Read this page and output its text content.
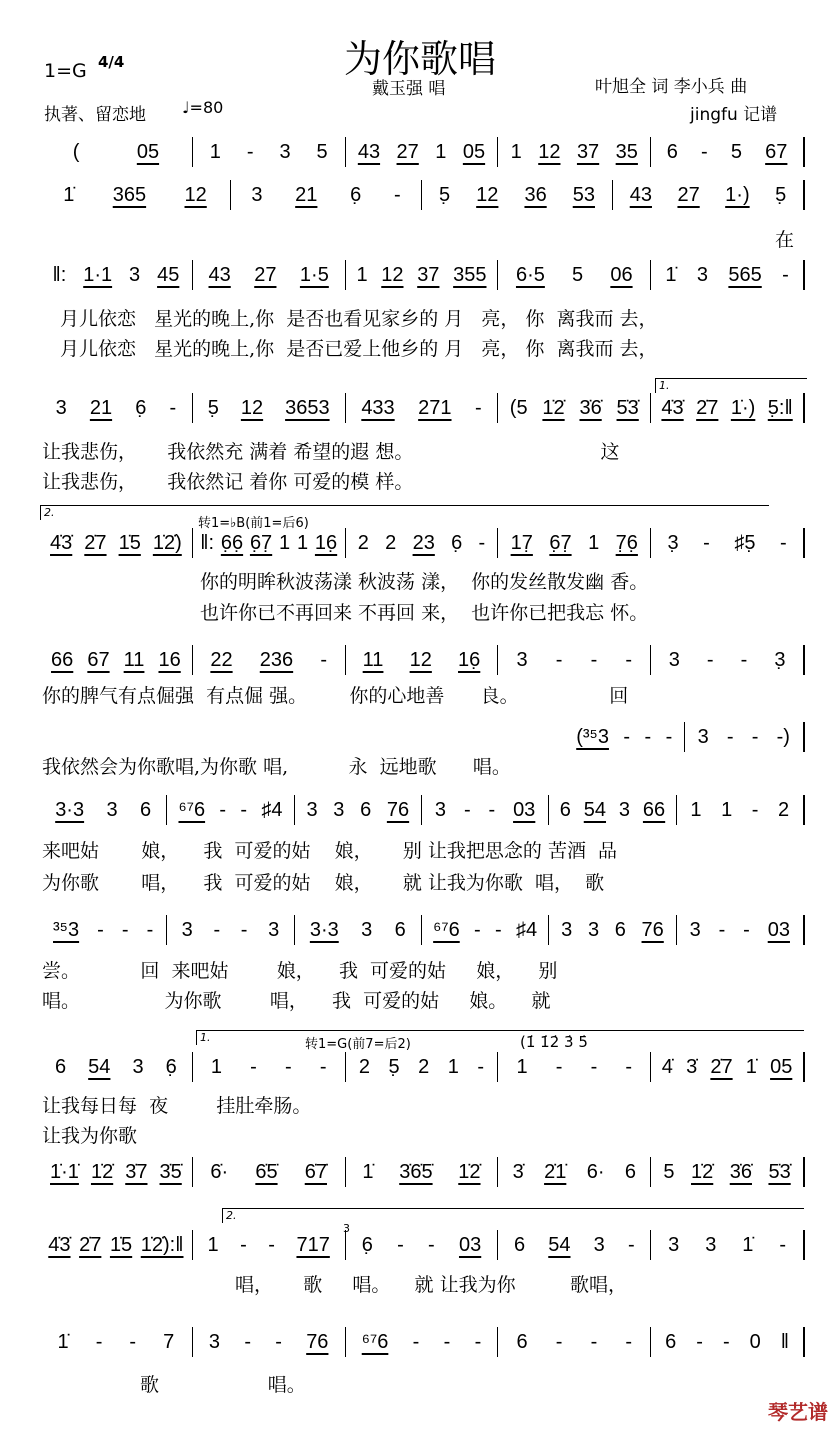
为你歌唱
1=G 4/4
戴玉强 唱	叶旭全 词 李小兵 曲
执著、留恋地 ♩=80	jingfu 记谱
(	05	1 - 3 5 43 27 1 05 1 12 37 35 6 - 5 67
1̇ 365 12 3 21 6̣ - 5̣ 12 36 53 43 27 1·) 5̣
‖: 1·1 3 45 43 27 1·5 1 12 37 355 6·5 5 06 1̇ 3 565 -
3 21 6̣ - 5̣ 12 3653 433 271 - (5 1̇2̇ 3̇6̇ 5̇3̇ 4̇3̇ 2̇7 1̇·) 5̣:‖
4̇3̇ 2̇7 1̇5 1̇2̇) ‖: 6̣6̣ 6̣7̣ 1 1 16̣ 2 2 23 6̣ - 17̣ 6̣7̣ 1 7̣6̣ 3̣ - ♯5̣ -
66 67 11 16 22 236 - 11 12 16̣ 3 - - - 3 - - 3̣
(³⁵3 - - - 3 - - -)
3·3 3 6 ⁶⁷6 - - ♯4 3 3 6 76 3 - - 03 6 54 3 66 1 1 - 2
³⁵3 - - - 3 - - 3 3·3 3 6 ⁶⁷6 - - ♯4 3 3 6 76 3 - - 03
6 54 3 6̣ 1 - - - 2 5̣ 2 1 - 1 - - - 4̇ 3̇ 2̇7 1̇ 05
1̇·1̇ 1̇2̇ 3̇7 3̇5̇ 6̇· 6̇5̇ 6̇7̇ 1̇ 3̇6̇5̇ 1̇2̇ 3̇ 2̇1̇ 6· 6 5 1̇2̇ 3̇6̇ 5̇3̇
4̇3̇ 2̇7 1̇5 1̇2̇):‖ 1 - - 717 6̣ - - 03 6 54 3 - 3 3 1̇ -
1̇ - - 7 3 - - 76 ⁶⁷6 - - - 6 - - - 6 - - 0 ‖
在
月儿依恋   星光的晚上,你  是否也看见家乡的 月   亮， 你  离我而 去，
月儿依恋   星光的晚上,你  是否已爱上他乡的 月   亮， 你  离我而 去，
让我悲伤，     我依然充 满着 希望的遐 想。                               这
让我悲伤，     我依然记 着你 可爱的模 样。
你的明眸秋波荡漾 秋波荡 漾，  你的发丝散发幽 香。
也许你已不再回来 不再回 来，  也许你已把我忘 怀。
你的脾气有点倔强  有点倔 强。       你的心地善      良。               回
我依然会为你歌唱,为你歌 唱,          永  远地歌      唱。
来吧姑       娘，    我  可爱的姑    娘，     别 让我把思念的 苦酒  品
为你歌       唱，    我  可爱的姑    娘，     就 让我为你歌  唱，  歌
尝。          回  来吧姑        娘，    我  可爱的姑     娘，    别
唱。              为你歌        唱，    我  可爱的姑     娘。    就
让我每日每  夜        挂肚牵肠。
让我为你歌
唱，     歌     唱。    就 让我为你         歌唱，
歌                  唱。
1.
2.
转1=♭B(前1=后6)
1.	转1=G(前7=后2)	(1̇ 1̇2̇ 3̇ 5̇
2.
3
琴艺谱
